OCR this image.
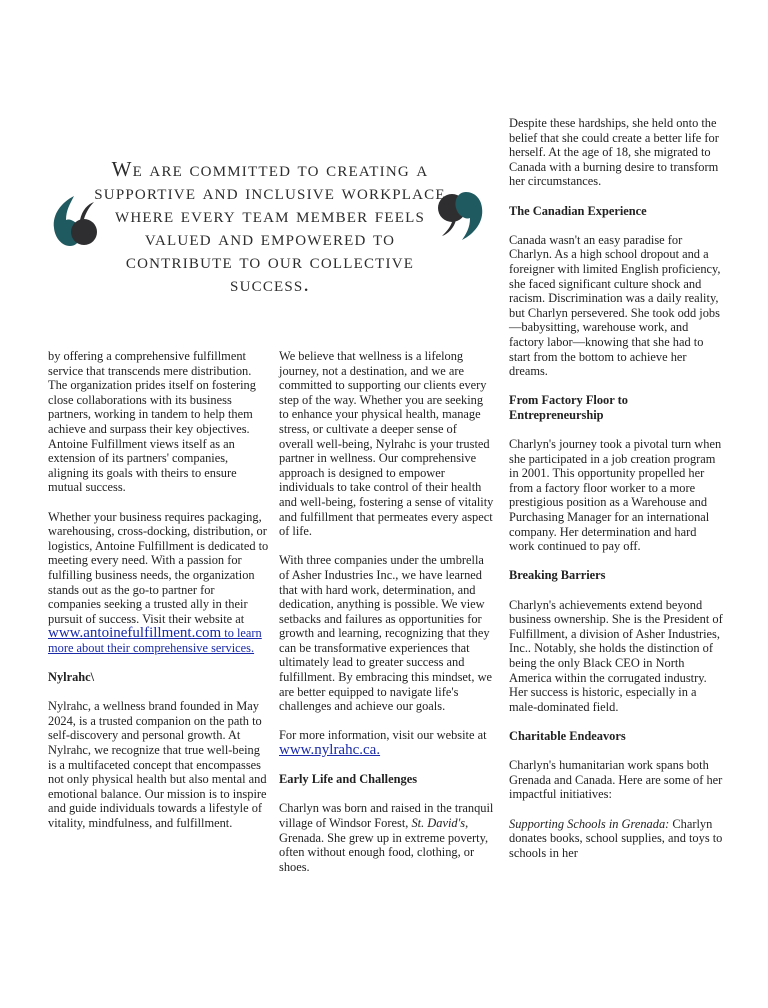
We are committed to creating a supportive and inclusive workplace where every team member feels valued and empowered to contribute to our collective success.

by offering a comprehensive fulfillment service that transcends mere distribution. The organization prides itself on fostering close collaborations with its business partners, working in tandem to help them achieve and surpass their key objectives. Antoine Fulfillment views itself as an extension of its partners' companies, aligning its goals with theirs to ensure mutual success.

Whether your business requires packaging, warehousing, cross-docking, distribution, or logistics, Antoine Fulfillment is dedicated to meeting every need. With a passion for fulfilling business needs, the organization stands out as the go-to partner for companies seeking a trusted ally in their pursuit of success. Visit their website at
www.antoinefulfillment.com to learn more about their comprehensive services.

Nylrahc\

Nylrahc, a wellness brand founded in May 2024, is a trusted companion on the path to self-discovery and personal growth. At Nylrahc, we recognize that true well-being is a multifaceted concept that encompasses not only physical health but also mental and emotional balance. Our mission is to inspire and guide individuals towards a lifestyle of vitality, mindfulness, and fulfillment.

We believe that wellness is a lifelong journey, not a destination, and we are committed to supporting our clients every step of the way. Whether you are seeking to enhance your physical health, manage stress, or cultivate a deeper sense of overall well-being, Nylrahc is your trusted partner in wellness. Our comprehensive approach is designed to empower individuals to take control of their health and well-being, fostering a sense of vitality and fulfillment that permeates every aspect of life.

With three companies under the umbrella of Asher Industries Inc., we have learned that with hard work, determination, and dedication, anything is possible. We view setbacks and failures as opportunities for growth and learning, recognizing that they can be transformative experiences that ultimately lead to greater success and fulfillment. By embracing this mindset, we are better equipped to navigate life's challenges and achieve our goals.

For more information, visit our website at www.nylrahc.ca.

Early Life and Challenges

Charlyn was born and raised in the tranquil village of Windsor Forest, St. David's, Grenada. She grew up in extreme poverty, often without enough food, clothing, or shoes.

Despite these hardships, she held onto the belief that she could create a better life for herself. At the age of 18, she migrated to Canada with a burning desire to transform her circumstances.

The Canadian Experience

Canada wasn't an easy paradise for Charlyn. As a high school dropout and a foreigner with limited English proficiency, she faced significant culture shock and racism. Discrimination was a daily reality, but Charlyn persevered. She took odd jobs—babysitting, warehouse work, and factory labor—knowing that she had to start from the bottom to achieve her dreams.

From Factory Floor to Entrepreneurship

Charlyn's journey took a pivotal turn when she participated in a job creation program in 2001. This opportunity propelled her from a factory floor worker to a more prestigious position as a Warehouse and Purchasing Manager for an international company. Her determination and hard work continued to pay off.

Breaking Barriers

Charlyn's achievements extend beyond business ownership. She is the President of Fulfillment, a division of Asher Industries, Inc.. Notably, she holds the distinction of being the only Black CEO in North America within the corrugated industry. Her success is historic, especially in a male-dominated field.

Charitable Endeavors

Charlyn's humanitarian work spans both Grenada and Canada. Here are some of her impactful initiatives:

Supporting Schools in Grenada: Charlyn donates books, school supplies, and toys to schools in her
